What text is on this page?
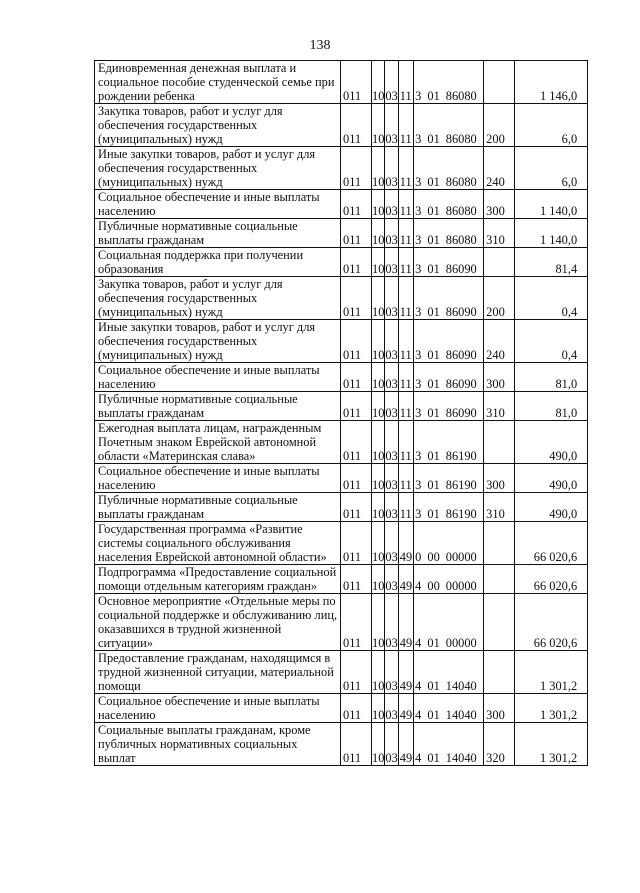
138
Единовременная денежная выплата и социальное пособие студенческой семье при рождении ребенка	011	10	03	11	3 01 86080		1 146,0
Закупка товаров, работ и услуг для обеспечения государственных (муниципальных) нужд	011	10	03	11	3 01 86080	200	6,0
Иные закупки товаров, работ и услуг для обеспечения государственных (муниципальных) нужд	011	10	03	11	3 01 86080	240	6,0
Социальное обеспечение и иные выплаты населению	011	10	03	11	3 01 86080	300	1 140,0
Публичные нормативные социальные выплаты гражданам	011	10	03	11	3 01 86080	310	1 140,0
Социальная поддержка при получении образования	011	10	03	11	3 01 86090		81,4
Закупка товаров, работ и услуг для обеспечения государственных (муниципальных) нужд	011	10	03	11	3 01 86090	200	0,4
Иные закупки товаров, работ и услуг для обеспечения государственных (муниципальных) нужд	011	10	03	11	3 01 86090	240	0,4
Социальное обеспечение и иные выплаты населению	011	10	03	11	3 01 86090	300	81,0
Публичные нормативные социальные выплаты гражданам	011	10	03	11	3 01 86090	310	81,0
Ежегодная выплата лицам, награжденным Почетным знаком Еврейской автономной области «Материнская слава»	011	10	03	11	3 01 86190		490,0
Социальное обеспечение и иные выплаты населению	011	10	03	11	3 01 86190	300	490,0
Публичные нормативные социальные выплаты гражданам	011	10	03	11	3 01 86190	310	490,0
Государственная программа «Развитие системы социального обслуживания населения Еврейской автономной области»	011	10	03	49	0 00 00000		66 020,6
Подпрограмма «Предоставление социальной помощи отдельным категориям граждан»	011	10	03	49	4 00 00000		66 020,6
Основное мероприятие «Отдельные меры по социальной поддержке и обслуживанию лиц, оказавшихся в трудной жизненной ситуации»	011	10	03	49	4 01 00000		66 020,6
Предоставление гражданам, находящимся в трудной жизненной ситуации, материальной помощи	011	10	03	49	4 01 14040		1 301,2
Социальное обеспечение и иные выплаты населению	011	10	03	49	4 01 14040	300	1 301,2
Социальные выплаты гражданам, кроме публичных нормативных социальных выплат	011	10	03	49	4 01 14040	320	1 301,2
